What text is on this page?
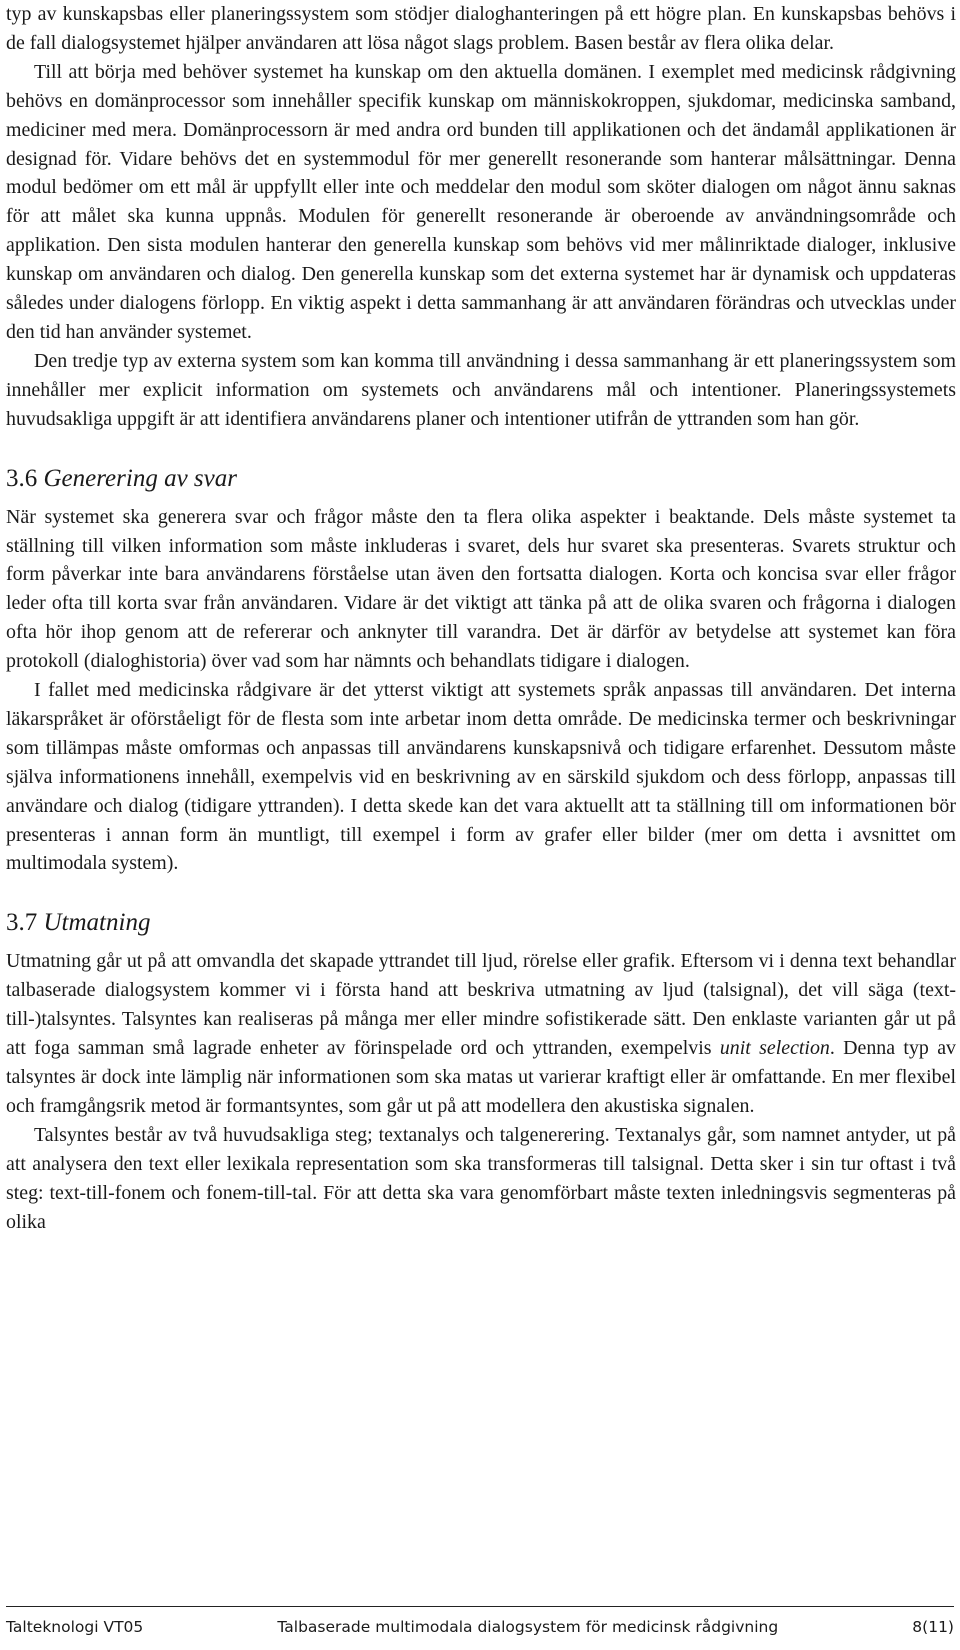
typ av kunskapsbas eller planeringssystem som stödjer dialoghanteringen på ett högre plan. En kunskapsbas behövs i de fall dialogsystemet hjälper användaren att lösa något slags problem. Basen består av flera olika delar.

Till att börja med behöver systemet ha kunskap om den aktuella domänen. I exemplet med medicinsk rådgivning behövs en domänprocessor som innehåller specifik kunskap om människokroppen, sjukdomar, medicinska samband, mediciner med mera. Domänprocessorn är med andra ord bunden till applikationen och det ändamål applikationen är designad för. Vidare behövs det en systemmodul för mer generellt resonerande som hanterar målsättningar. Denna modul bedömer om ett mål är uppfyllt eller inte och meddelar den modul som sköter dialogen om något ännu saknas för att målet ska kunna uppnås. Modulen för generellt resonerande är oberoende av användningsområde och applikation. Den sista modulen hanterar den generella kunskap som behövs vid mer målinriktade dialoger, inklusive kunskap om användaren och dialog. Den generella kunskap som det externa systemet har är dynamisk och uppdateras således under dialogens förlopp. En viktig aspekt i detta sammanhang är att användaren förändras och utvecklas under den tid han använder systemet.

Den tredje typ av externa system som kan komma till användning i dessa sammanhang är ett planeringssystem som innehåller mer explicit information om systemets och användarens mål och intentioner. Planeringssystemets huvudsakliga uppgift är att identifiera användarens planer och intentioner utifrån de yttranden som han gör.

3.6 Generering av svar

När systemet ska generera svar och frågor måste den ta flera olika aspekter i beaktande. Dels måste systemet ta ställning till vilken information som måste inkluderas i svaret, dels hur svaret ska presenteras. Svarets struktur och form påverkar inte bara användarens förståelse utan även den fortsatta dialogen. Korta och koncisa svar eller frågor leder ofta till korta svar från användaren. Vidare är det viktigt att tänka på att de olika svaren och frågorna i dialogen ofta hör ihop genom att de refererar och anknyter till varandra. Det är därför av betydelse att systemet kan föra protokoll (dialoghistoria) över vad som har nämnts och behandlats tidigare i dialogen.

I fallet med medicinska rådgivare är det ytterst viktigt att systemets språk anpassas till användaren. Det interna läkarspråket är oförståeligt för de flesta som inte arbetar inom detta område. De medicinska termer och beskrivningar som tillämpas måste omformas och anpassas till användarens kunskapsnivå och tidigare erfarenhet. Dessutom måste själva informationens innehåll, exempelvis vid en beskrivning av en särskild sjukdom och dess förlopp, anpassas till användare och dialog (tidigare yttranden). I detta skede kan det vara aktuellt att ta ställning till om informationen bör presenteras i annan form än muntligt, till exempel i form av grafer eller bilder (mer om detta i avsnittet om multimodala system).

3.7 Utmatning

Utmatning går ut på att omvandla det skapade yttrandet till ljud, rörelse eller grafik. Eftersom vi i denna text behandlar talbaserade dialogsystem kommer vi i första hand att beskriva utmatning av ljud (talsignal), det vill säga (text-till-)talsyntes. Talsyntes kan realiseras på många mer eller mindre sofistikerade sätt. Den enklaste varianten går ut på att foga samman små lagrade enheter av förinspelade ord och yttranden, exempelvis unit selection. Denna typ av talsyntes är dock inte lämplig när informationen som ska matas ut varierar kraftigt eller är omfattande. En mer flexibel och framgångsrik metod är formantsyntes, som går ut på att modellera den akustiska signalen.

Talsyntes består av två huvudsakliga steg; textanalys och talgenerering. Textanalys går, som namnet antyder, ut på att analysera den text eller lexikala representation som ska transformeras till talsignal. Detta sker i sin tur oftast i två steg: text-till-fonem och fonem-till-tal. För att detta ska vara genomförbart måste texten inledningsvis segmenteras på olika

Talteknologi VT05	Talbaserade multimodala dialogsystem för medicinsk rådgivning	8(11)
